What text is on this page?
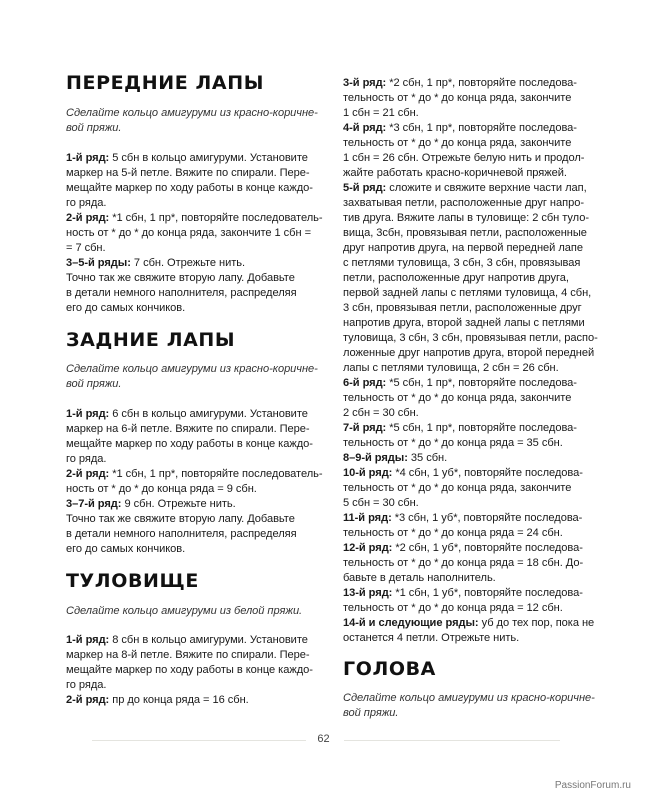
ПЕРЕДНИЕ ЛАПЫ
Сделайте кольцо амигуруми из красно-коричне-
вой пряжи.
1-й ряд: 5 сбн в кольцо амигуруми. Установите
маркер на 5-й петле. Вяжите по спирали. Пере-
мещайте маркер по ходу работы в конце каждо-
го ряда.
2-й ряд: *1 сбн, 1 пр*, повторяйте последователь-
ность от * до * до конца ряда, закончите 1 сбн =
= 7 сбн.
3–5-й ряды: 7 сбн. Отрежьте нить.
Точно так же свяжите вторую лапу. Добавьте
в детали немного наполнителя, распределяя
его до самых кончиков.
ЗАДНИЕ ЛАПЫ
Сделайте кольцо амигуруми из красно-коричне-
вой пряжи.
1-й ряд: 6 сбн в кольцо амигуруми. Установите
маркер на 6-й петле. Вяжите по спирали. Пере-
мещайте маркер по ходу работы в конце каждо-
го ряда.
2-й ряд: *1 сбн, 1 пр*, повторяйте последователь-
ность от * до * до конца ряда = 9 сбн.
3–7-й ряд: 9 сбн. Отрежьте нить.
Точно так же свяжите вторую лапу. Добавьте
в детали немного наполнителя, распределяя
его до самых кончиков.
ТУЛОВИЩЕ
Сделайте кольцо амигуруми из белой пряжи.
1-й ряд: 8 сбн в кольцо амигуруми. Установите
маркер на 8-й петле. Вяжите по спирали. Пере-
мещайте маркер по ходу работы в конце каждо-
го ряда.
2-й ряд: пр до конца ряда = 16 сбн.
3-й ряд: *2 сбн, 1 пр*, повторяйте последова-
тельность от * до * до конца ряда, закончите
1 сбн = 21 сбн.
4-й ряд: *3 сбн, 1 пр*, повторяйте последова-
тельность от * до * до конца ряда, закончите
1 сбн = 26 сбн. Отрежьте белую нить и продол-
жайте работать красно-коричневой пряжей.
5-й ряд: сложите и свяжите верхние части лап,
захватывая петли, расположенные друг напро-
тив друга. Вяжите лапы в туловище: 2 сбн туло-
вища, 3сбн, провязывая петли, расположенные
друг напротив друга, на первой передней лапе
с петлями туловища, 3 сбн, 3 сбн, провязывая
петли, расположенные друг напротив друга,
первой задней лапы с петлями туловища, 4 сбн,
3 сбн, провязывая петли, расположенные друг
напротив друга, второй задней лапы с петлями
туловища, 3 сбн, 3 сбн, провязывая петли, распо-
ложенные друг напротив друга, второй передней
лапы с петлями туловища, 2 сбн = 26 сбн.
6-й ряд: *5 сбн, 1 пр*, повторяйте последова-
тельность от * до * до конца ряда, закончите
2 сбн = 30 сбн.
7-й ряд: *5 сбн, 1 пр*, повторяйте последова-
тельность от * до * до конца ряда = 35 сбн.
8–9-й ряды: 35 сбн.
10-й ряд: *4 сбн, 1 уб*, повторяйте последова-
тельность от * до * до конца ряда, закончите
5 сбн = 30 сбн.
11-й ряд: *3 сбн, 1 уб*, повторяйте последова-
тельность от * до * до конца ряда = 24 сбн.
12-й ряд: *2 сбн, 1 уб*, повторяйте последова-
тельность от * до * до конца ряда = 18 сбн. До-
бавьте в деталь наполнитель.
13-й ряд: *1 сбн, 1 уб*, повторяйте последова-
тельность от * до * до конца ряда = 12 сбн.
14-й и следующие ряды: уб до тех пор, пока не
останется 4 петли. Отрежьте нить.
ГОЛОВА
Сделайте кольцо амигуруми из красно-коричне-
вой пряжи.
62
PassionForum.ru
